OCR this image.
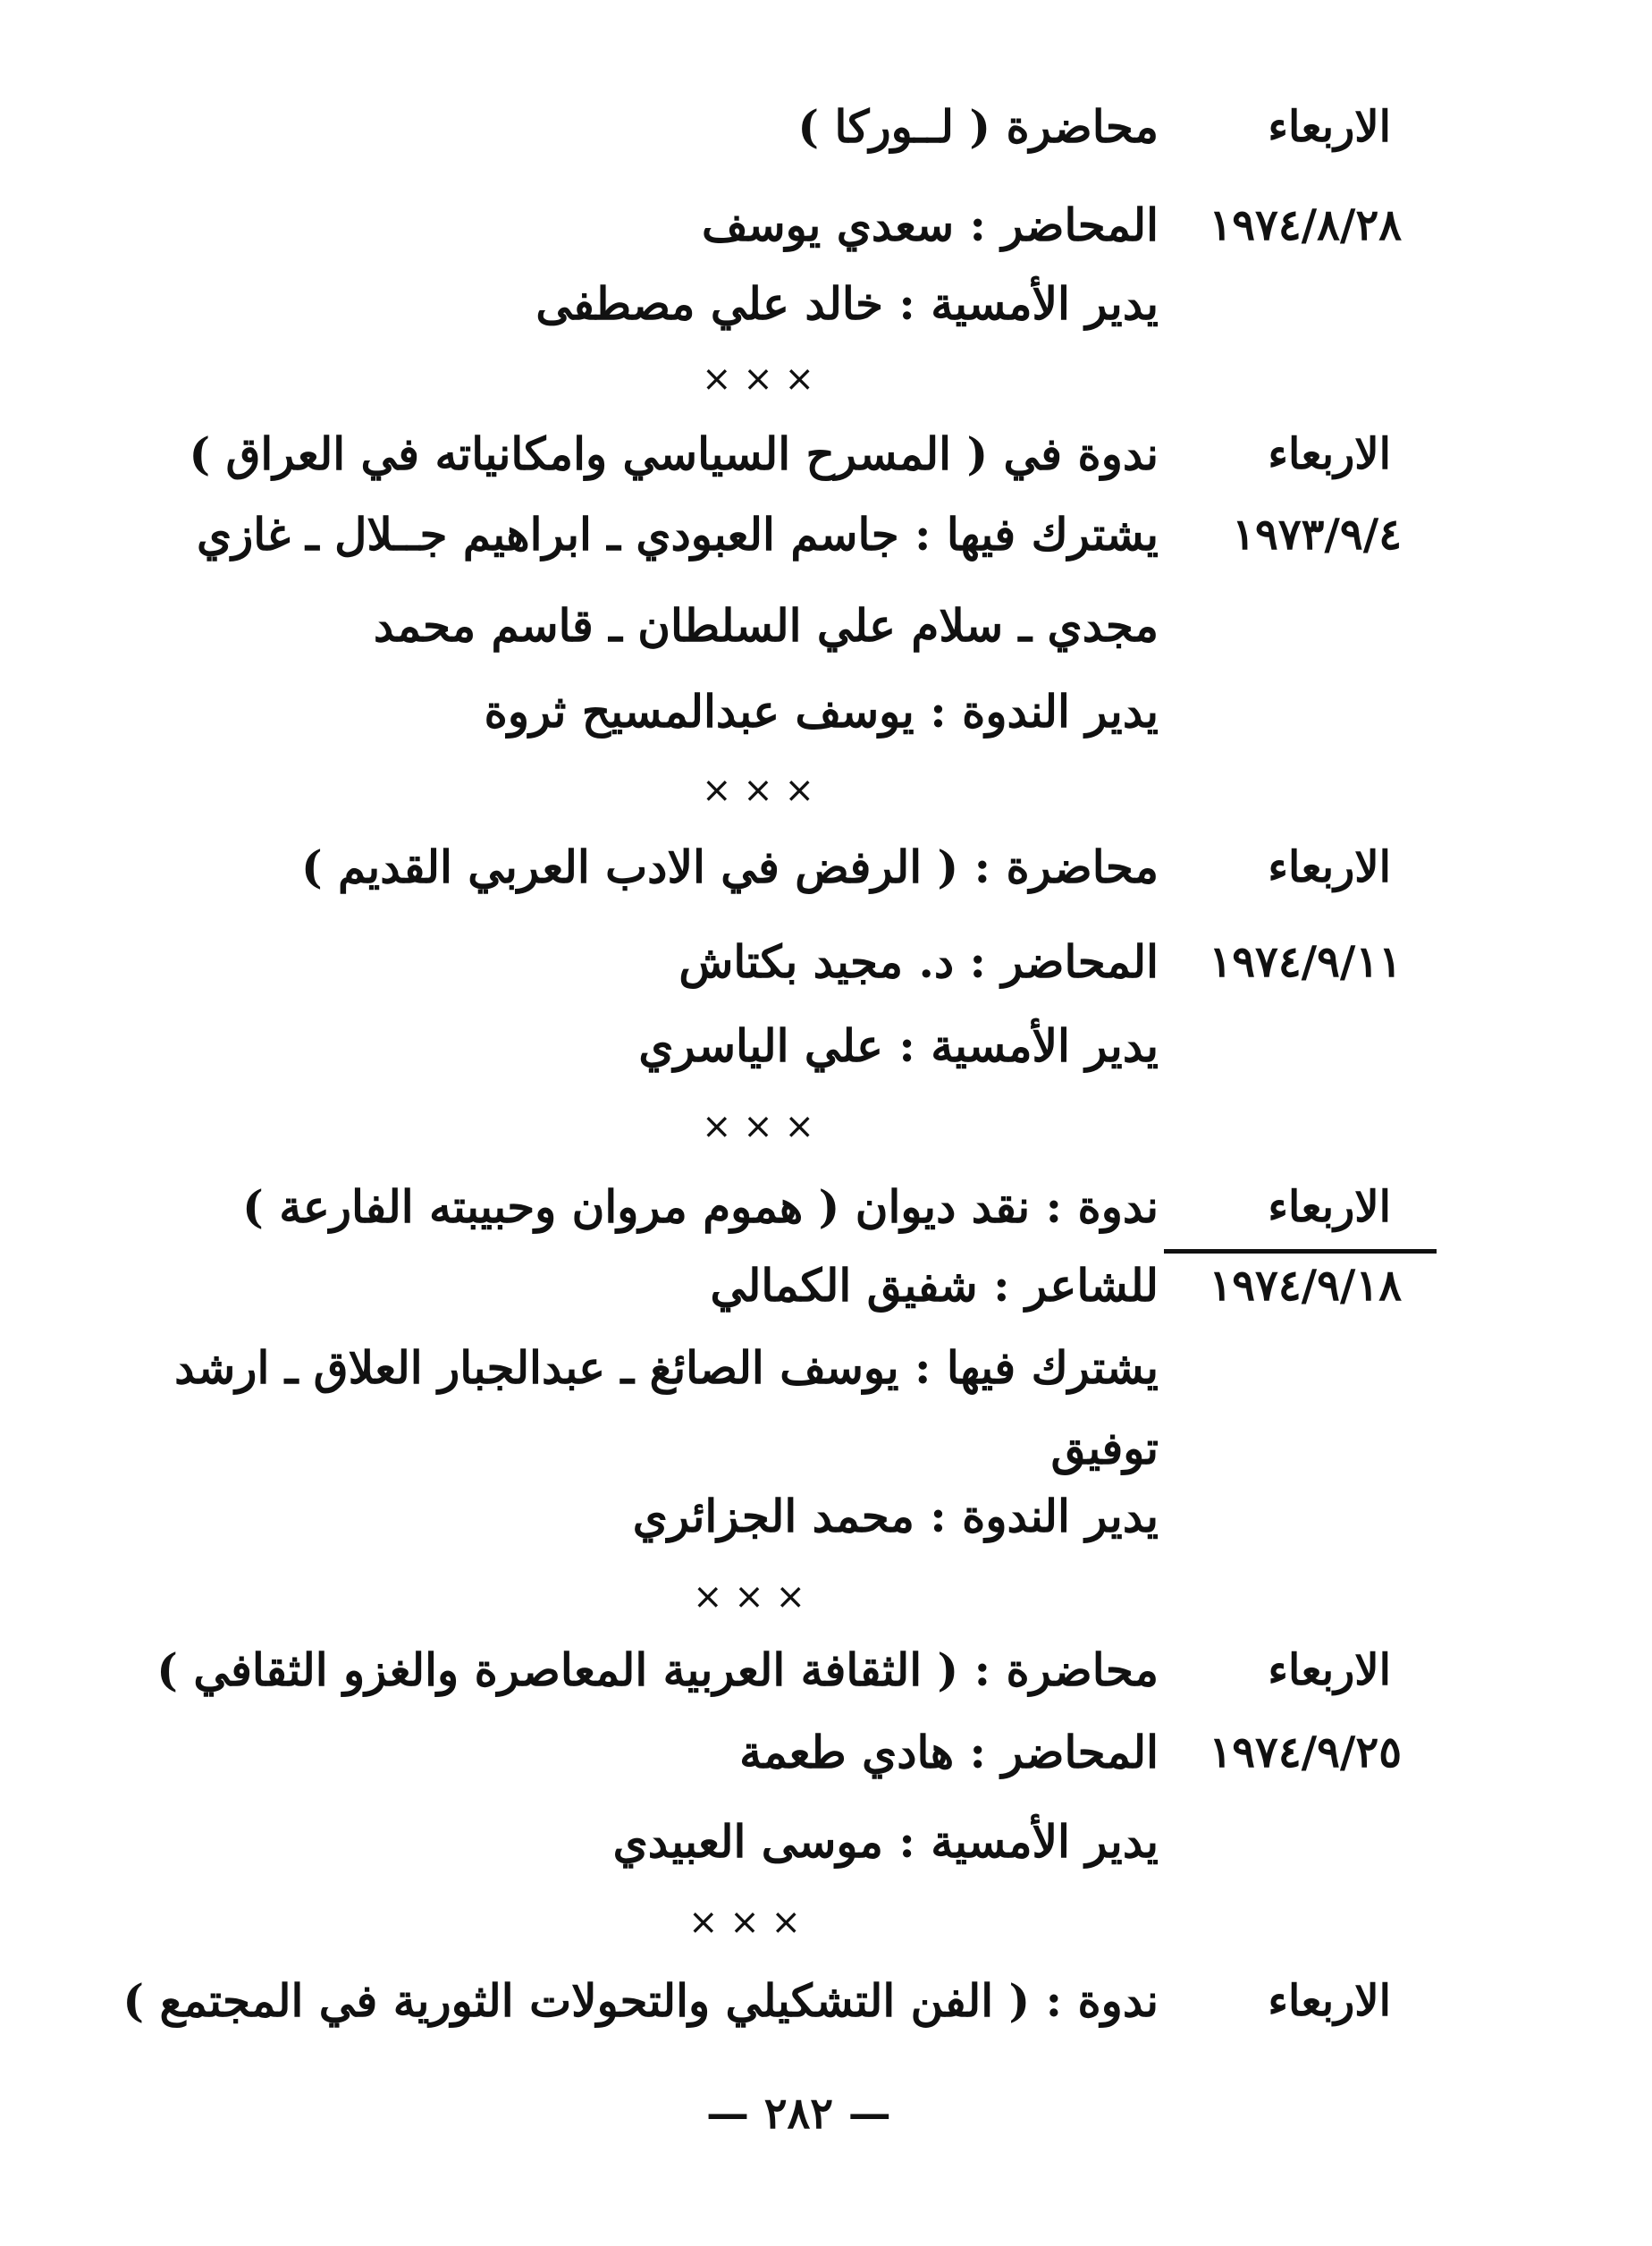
الاربعاء
١٩٧٤/٨/٢٨
محاضرة ( لــوركا )
المحاضر : سعدي يوسف
يدير الأمسية : خالد علي مصطفى
× × ×
الاربعاء
١٩٧٣/٩/٤
ندوة في ( المسرح السياسي وامكانياته في العراق )
يشترك فيها : جاسم العبودي ـ ابراهيم جــلال ـ غازي
مجدي ـ سلام علي السلطان ـ قاسم محمد
يدير الندوة : يوسف عبدالمسيح ثروة
× × ×
الاربعاء
١٩٧٤/٩/١١
محاضرة : ( الرفض في الادب العربي القديم )
المحاضر : د. مجيد بكتاش
يدير الأمسية : علي الياسري
× × ×
الاربعاء
١٩٧٤/٩/١٨
ندوة : نقد ديوان ( هموم مروان وحبيبته الفارعة )
للشاعر : شفيق الكمالي
يشترك فيها : يوسف الصائغ ـ عبدالجبار العلاق ـ ارشد
توفيق
يدير الندوة : محمد الجزائري
× × ×
الاربعاء
١٩٧٤/٩/٢٥
محاضرة : ( الثقافة العربية المعاصرة والغزو الثقافي )
المحاضر : هادي طعمة
يدير الأمسية : موسى العبيدي
× × ×
الاربعاء
ندوة : ( الفن التشكيلي والتحولات الثورية في المجتمع )
— ٢٨٢ —
